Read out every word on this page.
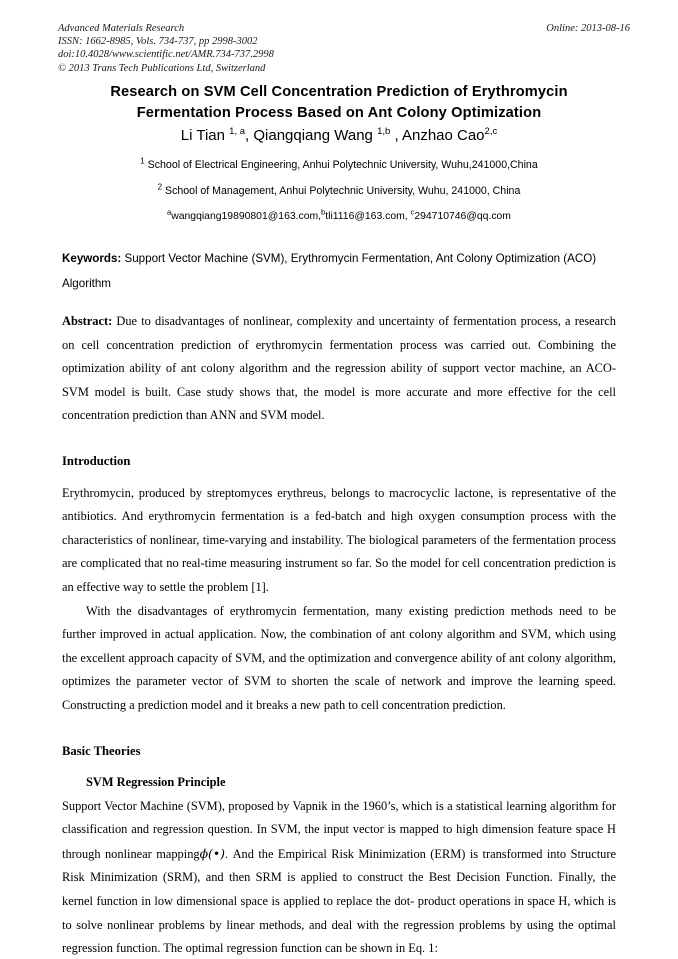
Advanced Materials Research	Online: 2013-08-16
ISSN: 1662-8985, Vols. 734-737, pp 2998-3002
doi:10.4028/www.scientific.net/AMR.734-737.2998
© 2013 Trans Tech Publications Ltd, Switzerland
Research on SVM Cell Concentration Prediction of Erythromycin Fermentation Process Based on Ant Colony Optimization
Li Tian $^{1, a}$, Qiangqiang Wang $^{1,b}$ , Anzhao Cao$^{2,c}$
$^1$ School of Electrical Engineering, Anhui Polytechnic University, Wuhu,241000,China
$^2$ School of Management, Anhui Polytechnic University, Wuhu, 241000, China
$^a$wangqiang19890801@163.com,$^b$tli1116@163.com, $^c$294710746@qq.com

Keywords: Support Vector Machine (SVM), Erythromycin Fermentation, Ant Colony Optimization (ACO) Algorithm

Abstract: Due to disadvantages of nonlinear, complexity and uncertainty of fermentation process, a research on cell concentration prediction of erythromycin fermentation process was carried out. Combining the optimization ability of ant colony algorithm and the regression ability of support vector machine, an ACO-SVM model is built. Case study shows that, the model is more accurate and more effective for the cell concentration prediction than ANN and SVM model.

Introduction

Erythromycin, produced by streptomyces erythreus, belongs to macrocyclic lactone, is representative of the antibiotics. And erythromycin fermentation is a fed-batch and high oxygen consumption process with the characteristics of nonlinear, time-varying and instability. The biological parameters of the fermentation process are complicated that no real-time measuring instrument so far. So the model for cell concentration prediction is an effective way to settle the problem [1].

With the disadvantages of erythromycin fermentation, many existing prediction methods need to be further improved in actual application. Now, the combination of ant colony algorithm and SVM, which using the excellent approach capacity of SVM, and the optimization and convergence ability of ant colony algorithm, optimizes the parameter vector of SVM to shorten the scale of network and improve the learning speed. Constructing a prediction model and it breaks a new path to cell concentration prediction.

Basic Theories
SVM Regression Principle

Support Vector Machine (SVM), proposed by Vapnik in the 1960’s, which is a statistical learning algorithm for classification and regression question. In SVM, the input vector is mapped to high dimension feature space H through nonlinear mappingϕ(•). And the Empirical Risk Minimization (ERM) is transformed into Structure Risk Minimization (SRM), and then SRM is applied to construct the Best Decision Function. Finally, the kernel function in low dimensional space is applied to replace the dot- product operations in space H, which is to solve nonlinear problems by linear methods, and deal with the regression problems by using the optimal regression function. The optimal regression function can be shown in Eq. 1:
